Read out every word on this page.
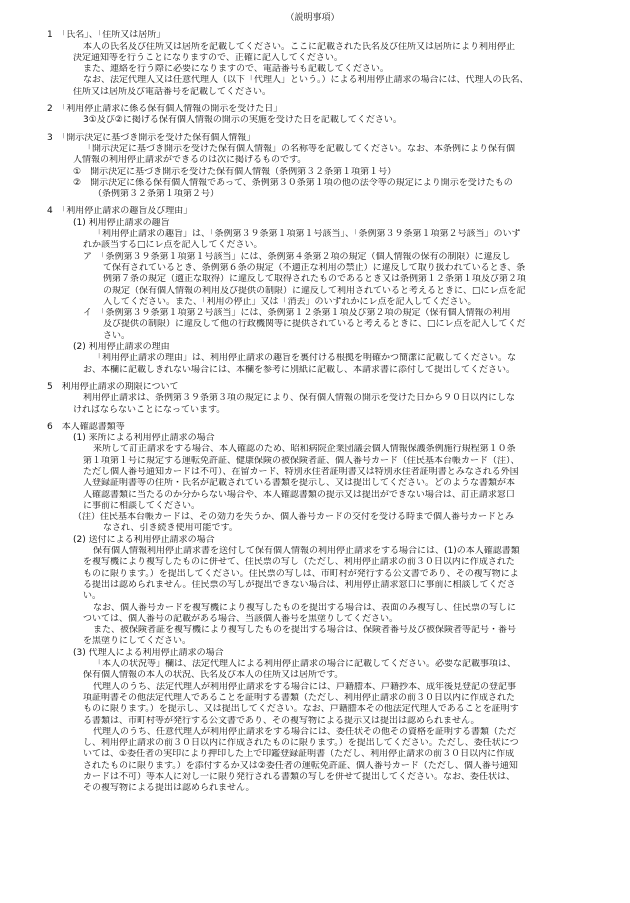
（説明事項）
1　「氏名」、「住所又は居所」
本人の氏名及び住所又は居所を記載してください。ここに記載された氏名及び住所又は居所により利用停止
決定通知等を行うことになりますので、正確に記入してください。
また、連絡を行う際に必要になりますので、電話番号も記載してください。
なお、法定代理人又は任意代理人（以下「代理人」という。）による利用停止請求の場合には、代理人の氏名、
住所又は居所及び電話番号を記載してください。
2　「利用停止請求に係る保有個人情報の開示を受けた日」
3①及び②に掲げる保有個人情報の開示の実施を受けた日を記載してください。
3　「開示決定に基づき開示を受けた保有個人情報」
「開示決定に基づき開示を受けた保有個人情報」の名称等を記載してください。なお、本条例により保有個
人情報の利用停止請求ができるのは次に掲げるものです。
①　開示決定に基づき開示を受けた保有個人情報（条例第３２条第１項第１号）
②　開示決定に係る保有個人情報であって、条例第３０条第１項の他の法令等の規定により開示を受けたもの
（条例第３２条第１項第２号）
4　「利用停止請求の趣旨及び理由」
(1) 利用停止請求の趣旨
「利用停止請求の趣旨」は、「条例第３９条第１項第１号該当」、「条例第３９条第１項第２号該当」のいず
れか該当する□にレ点を記入してください。
ア　「条例第３９条第１項第１号該当」には、条例第４条第２項の規定（個人情報の保有の制限）に違反し
て保有されているとき、条例第６条の規定（不適正な利用の禁止）に違反して取り扱われているとき、条
例第７条の規定（適正な取得）に違反して取得されたものであるとき又は条例第１２条第１項及び第２項
の規定（保有個人情報の利用及び提供の制限）に違反して利用されていると考えるときに、□にレ点を記
入してください。また、「利用の停止」又は「消去」のいずれかにレ点を記入してください。
イ　「条例第３９条第１項第２号該当」には、条例第１２条第１項及び第２項の規定（保有個人情報の利用
及び提供の制限）に違反して他の行政機関等に提供されていると考えるときに、□にレ点を記入してくだ
さい。
(2) 利用停止請求の理由
「利用停止請求の理由」は、利用停止請求の趣旨を裏付ける根拠を明確かつ簡潔に記載してください。な
お、本欄に記載しきれない場合には、本欄を参考に別紙に記載し、本請求書に添付して提出してください。
5　利用停止請求の期限について
利用停止請求は、条例第３９条第３項の規定により、保有個人情報の開示を受けた日から９０日以内にしな
ければならないことになっています。
6　本人確認書類等
(1) 来所による利用停止請求の場合
来所して訂正請求をする場合、本人確認のため、昭和病院企業団議会個人情報保護条例施行規程第１０条
第１項第１号に規定する運転免許証、健康保険の被保険者証、個人番号カード（住民基本台帳カード（注）、
ただし個人番号通知カードは不可）、在留カード、特別永住者証明書又は特別永住者証明書とみなされる外国
人登録証明書等の住所・氏名が記載されている書類を提示し、又は提出してください。どのような書類が本
人確認書類に当たるのか分からない場合や、本人確認書類の提示又は提出ができない場合は、訂正請求窓口
に事前に相談してください。
（注）住民基本台帳カードは、その効力を失うか、個人番号カードの交付を受ける時まで個人番号カードとみ
なされ、引き続き使用可能です。
(2) 送付による利用停止請求の場合
保有個人情報利用停止請求書を送付して保有個人情報の利用停止請求をする場合には、(1)の本人確認書類
を複写機により複写したものに併せて、住民票の写し（ただし、利用停止請求の前３０日以内に作成された
ものに限ります。）を提出してください。住民票の写しは、市町村が発行する公文書であり、その複写物によ
る提出は認められません。住民票の写しが提出できない場合は、利用停止請求窓口に事前に相談してくださ
い。
なお、個人番号カードを複写機により複写したものを提出する場合は、表面のみ複写し、住民票の写しに
ついては、個人番号の記載がある場合、当該個人番号を黒塗りしてください。
また、被保険者証を複写機により複写したものを提出する場合は、保険者番号及び被保険者等記号・番号
を黒塗りにしてください。
(3) 代理人による利用停止請求の場合
「本人の状況等」欄は、法定代理人による利用停止請求の場合に記載してください。必要な記載事項は、
保有個人情報の本人の状況、氏名及び本人の住所又は居所です。
代理人のうち、法定代理人が利用停止請求をする場合には、戸籍謄本、戸籍抄本、成年後見登記の登記事
項証明書その他法定代理人であることを証明する書類（ただし、利用停止請求の前３０日以内に作成された
ものに限ります。）を提示し、又は提出してください。なお、戸籍謄本その他法定代理人であることを証明す
る書類は、市町村等が発行する公文書であり、その複写物による提示又は提出は認められません。
代理人のうち、任意代理人が利用停止請求をする場合には、委任状その他その資格を証明する書類（ただ
し、利用停止請求の前３０日以内に作成されたものに限ります。）を提出してください。ただし、委任状につ
いては、①委任者の実印により押印した上で印鑑登録証明書（ただし、利用停止請求の前３０日以内に作成
されたものに限ります。）を添付するか又は②委任者の運転免許証、個人番号カード（ただし、個人番号通知
カードは不可）等本人に対し一に限り発行される書類の写しを併せて提出してください。なお、委任状は、
その複写物による提出は認められません。
